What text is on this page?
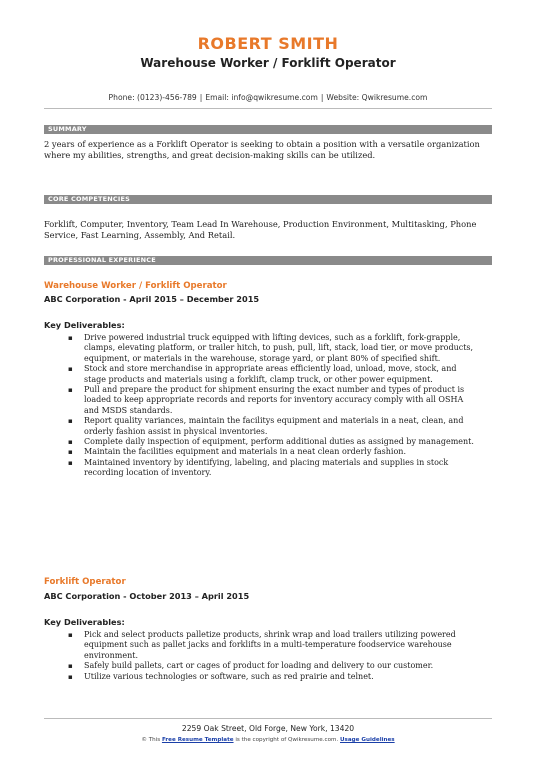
ROBERT SMITH
Warehouse Worker / Forklift Operator
Phone: (0123)-456-789 | Email: info@qwikresume.com | Website: Qwikresume.com
SUMMARY
2 years of experience as a Forklift Operator is seeking to obtain a position with a versatile organization where my abilities, strengths, and great decision-making skills can be utilized.
CORE COMPETENCIES
Forklift, Computer, Inventory, Team Lead In Warehouse, Production Environment, Multitasking, Phone Service, Fast Learning, Assembly, And Retail.
PROFESSIONAL EXPERIENCE
Warehouse Worker / Forklift Operator
ABC Corporation - April 2015 – December 2015
Key Deliverables:
▪ Drive powered industrial truck equipped with lifting devices, such as a forklift, fork-grapple, clamps, elevating platform, or trailer hitch, to push, pull, lift, stack, load tier, or move products, equipment, or materials in the warehouse, storage yard, or plant 80% of specified shift.
▪ Stock and store merchandise in appropriate areas efficiently load, unload, move, stock, and stage products and materials using a forklift, clamp truck, or other power equipment.
▪ Pull and prepare the product for shipment ensuring the exact number and types of product is loaded to keep appropriate records and reports for inventory accuracy comply with all OSHA and MSDS standards.
▪ Report quality variances, maintain the facilitys equipment and materials in a neat, clean, and orderly fashion assist in physical inventories.
▪ Complete daily inspection of equipment, perform additional duties as assigned by management.
▪ Maintain the facilities equipment and materials in a neat clean orderly fashion.
▪ Maintained inventory by identifying, labeling, and placing materials and supplies in stock recording location of inventory.
Forklift Operator
ABC Corporation - October 2013 – April 2015
Key Deliverables:
▪ Pick and select products palletize products, shrink wrap and load trailers utilizing powered equipment such as pallet jacks and forklifts in a multi-temperature foodservice warehouse environment.
▪ Safely build pallets, cart or cages of product for loading and delivery to our customer.
▪ Utilize various technologies or software, such as red prairie and telnet.
2259 Oak Street, Old Forge, New York, 13420
© This Free Resume Template is the copyright of Qwikresume.com. Usage Guidelines
